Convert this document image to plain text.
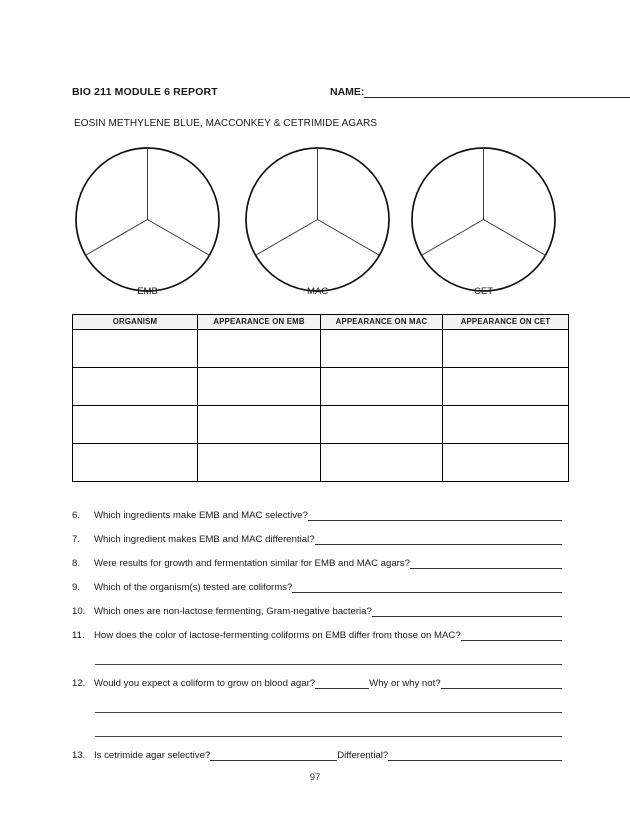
BIO 211 MODULE 6 REPORT	NAME:
EOSIN METHYLENE BLUE, MACCONKEY & CETRIMIDE AGARS
EMB	MAC	CET
ORGANISM	APPEARANCE ON EMB	APPEARANCE ON MAC	APPEARANCE ON CET

6.	Which ingredients make EMB and MAC selective?
7.	Which ingredient makes EMB and MAC differential?
8.	Were results for growth and fermentation similar for EMB and MAC agars?
9.	Which of the organism(s) tested are coliforms?
10. Which ones are non-lactose fermenting, Gram-negative bacteria?
11. How does the color of lactose-fermenting coliforms on EMB differ from those on MAC?
12. Would you expect a coliform to grow on blood agar?	Why or why not?
13. Is cetrimide agar selective?	Differential?
97
